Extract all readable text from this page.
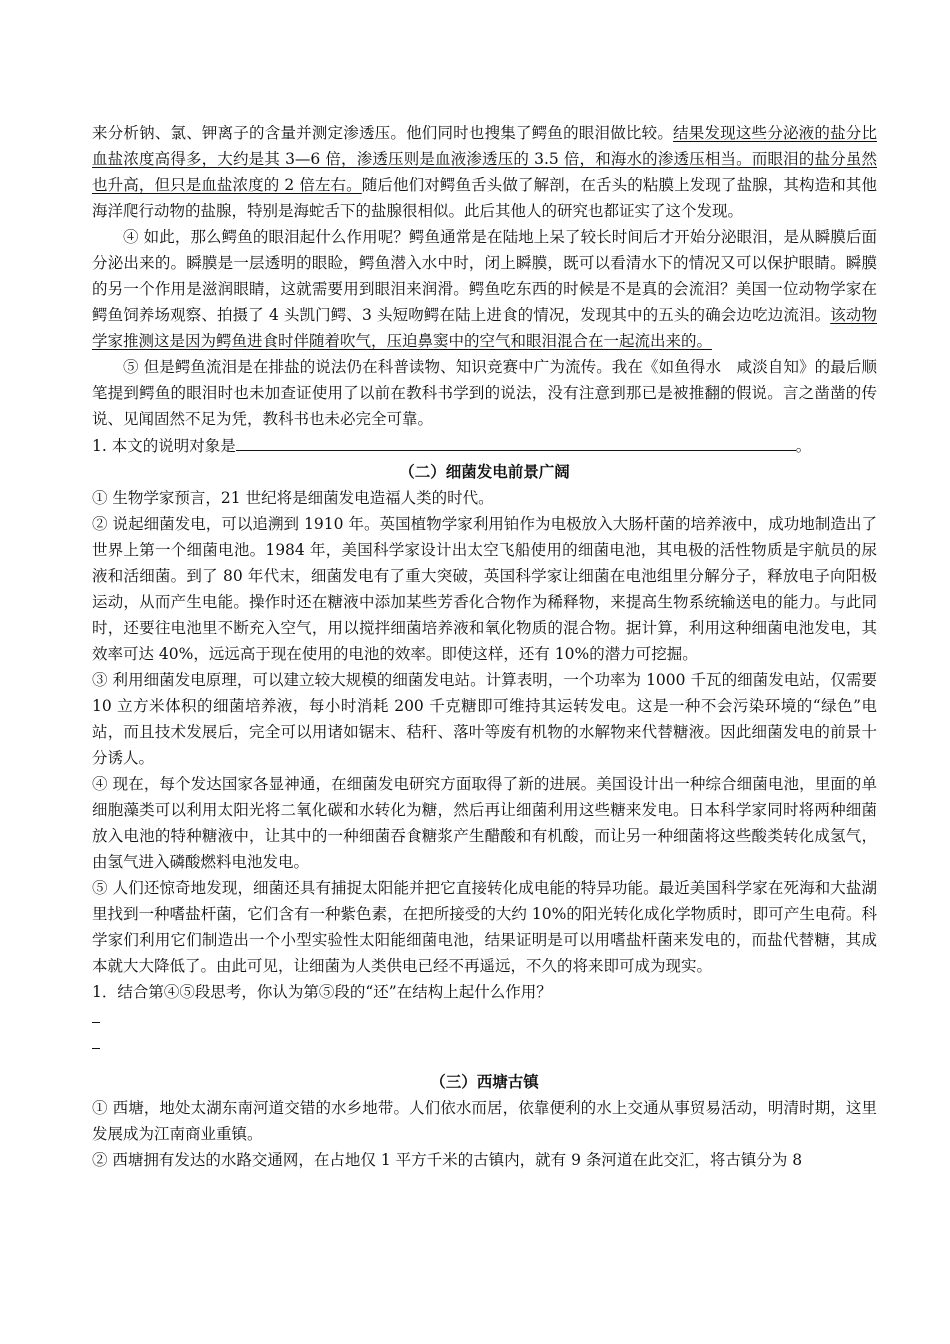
来分析钠、氯、钾离子的含量并测定渗透压。他们同时也搜集了鳄鱼的眼泪做比较。结果发现这些分泌液的盐分比血盐浓度高得多，大约是其 3—6 倍，渗透压则是血液渗透压的 3.5 倍，和海水的渗透压相当。而眼泪的盐分虽然也升高，但只是血盐浓度的 2 倍左右。随后他们对鳄鱼舌头做了解剖，在舌头的粘膜上发现了盐腺，其构造和其他海洋爬行动物的盐腺，特别是海蛇舌下的盐腺很相似。此后其他人的研究也都证实了这个发现。

④ 如此，那么鳄鱼的眼泪起什么作用呢？鳄鱼通常是在陆地上呆了较长时间后才开始分泌眼泪，是从瞬膜后面分泌出来的。瞬膜是一层透明的眼睑，鳄鱼潜入水中时，闭上瞬膜，既可以看清水下的情况又可以保护眼睛。瞬膜的另一个作用是滋润眼睛，这就需要用到眼泪来润滑。鳄鱼吃东西的时候是不是真的会流泪？美国一位动物学家在鳄鱼饲养场观察、拍摄了 4 头凯门鳄、3 头短吻鳄在陆上进食的情况，发现其中的五头的确会边吃边流泪。该动物学家推测这是因为鳄鱼进食时伴随着吹气，压迫鼻窦中的空气和眼泪混合在一起流出来的。

⑤ 但是鳄鱼流泪是在排盐的说法仍在科普读物、知识竞赛中广为流传。我在《如鱼得水　咸淡自知》的最后顺笔提到鳄鱼的眼泪时也未加查证使用了以前在教科书学到的说法，没有注意到那已是被推翻的假说。言之凿凿的传说、见闻固然不足为凭，教科书也未必完全可靠。

1. 本文的说明对象是	。

（二）细菌发电前景广阔

① 生物学家预言，21 世纪将是细菌发电造福人类的时代。

② 说起细菌发电，可以追溯到 1910 年。英国植物学家利用铂作为电极放入大肠杆菌的培养液中，成功地制造出了世界上第一个细菌电池。1984 年，美国科学家设计出太空飞船使用的细菌电池，其电极的活性物质是宇航员的尿液和活细菌。到了 80 年代末，细菌发电有了重大突破，英国科学家让细菌在电池组里分解分子，释放电子向阳极运动，从而产生电能。操作时还在糖液中添加某些芳香化合物作为稀释物，来提高生物系统输送电的能力。与此同时，还要往电池里不断充入空气，用以搅拌细菌培养液和氧化物质的混合物。据计算，利用这种细菌电池发电，其效率可达 40%，远远高于现在使用的电池的效率。即使这样，还有 10%的潜力可挖掘。

③ 利用细菌发电原理，可以建立较大规模的细菌发电站。计算表明，一个功率为 1000 千瓦的细菌发电站，仅需要 10 立方米体积的细菌培养液，每小时消耗 200 千克糖即可维持其运转发电。这是一种不会污染环境的“绿色”电站，而且技术发展后，完全可以用诸如锯末、秸秆、落叶等废有机物的水解物来代替糖液。因此细菌发电的前景十分诱人。

④ 现在，每个发达国家各显神通，在细菌发电研究方面取得了新的进展。美国设计出一种综合细菌电池，里面的单细胞藻类可以利用太阳光将二氧化碳和水转化为糖，然后再让细菌利用这些糖来发电。日本科学家同时将两种细菌放入电池的特种糖液中，让其中的一种细菌吞食糖浆产生醋酸和有机酸，而让另一种细菌将这些酸类转化成氢气，由氢气进入磷酸燃料电池发电。

⑤ 人们还惊奇地发现，细菌还具有捕捉太阳能并把它直接转化成电能的特异功能。最近美国科学家在死海和大盐湖里找到一种嗜盐杆菌，它们含有一种紫色素，在把所接受的大约 10%的阳光转化成化学物质时，即可产生电荷。科学家们利用它们制造出一个小型实验性太阳能细菌电池，结果证明是可以用嗜盐杆菌来发电的，而盐代替糖，其成本就大大降低了。由此可见，让细菌为人类供电已经不再遥远，不久的将来即可成为现实。

1．结合第④⑤段思考，你认为第⑤段的“还”在结构上起什么作用？

（三）西塘古镇

① 西塘，地处太湖东南河道交错的水乡地带。人们依水而居，依靠便利的水上交通从事贸易活动，明清时期，这里发展成为江南商业重镇。

② 西塘拥有发达的水路交通网，在占地仅 1 平方千米的古镇内，就有 9 条河道在此交汇，将古镇分为 8
